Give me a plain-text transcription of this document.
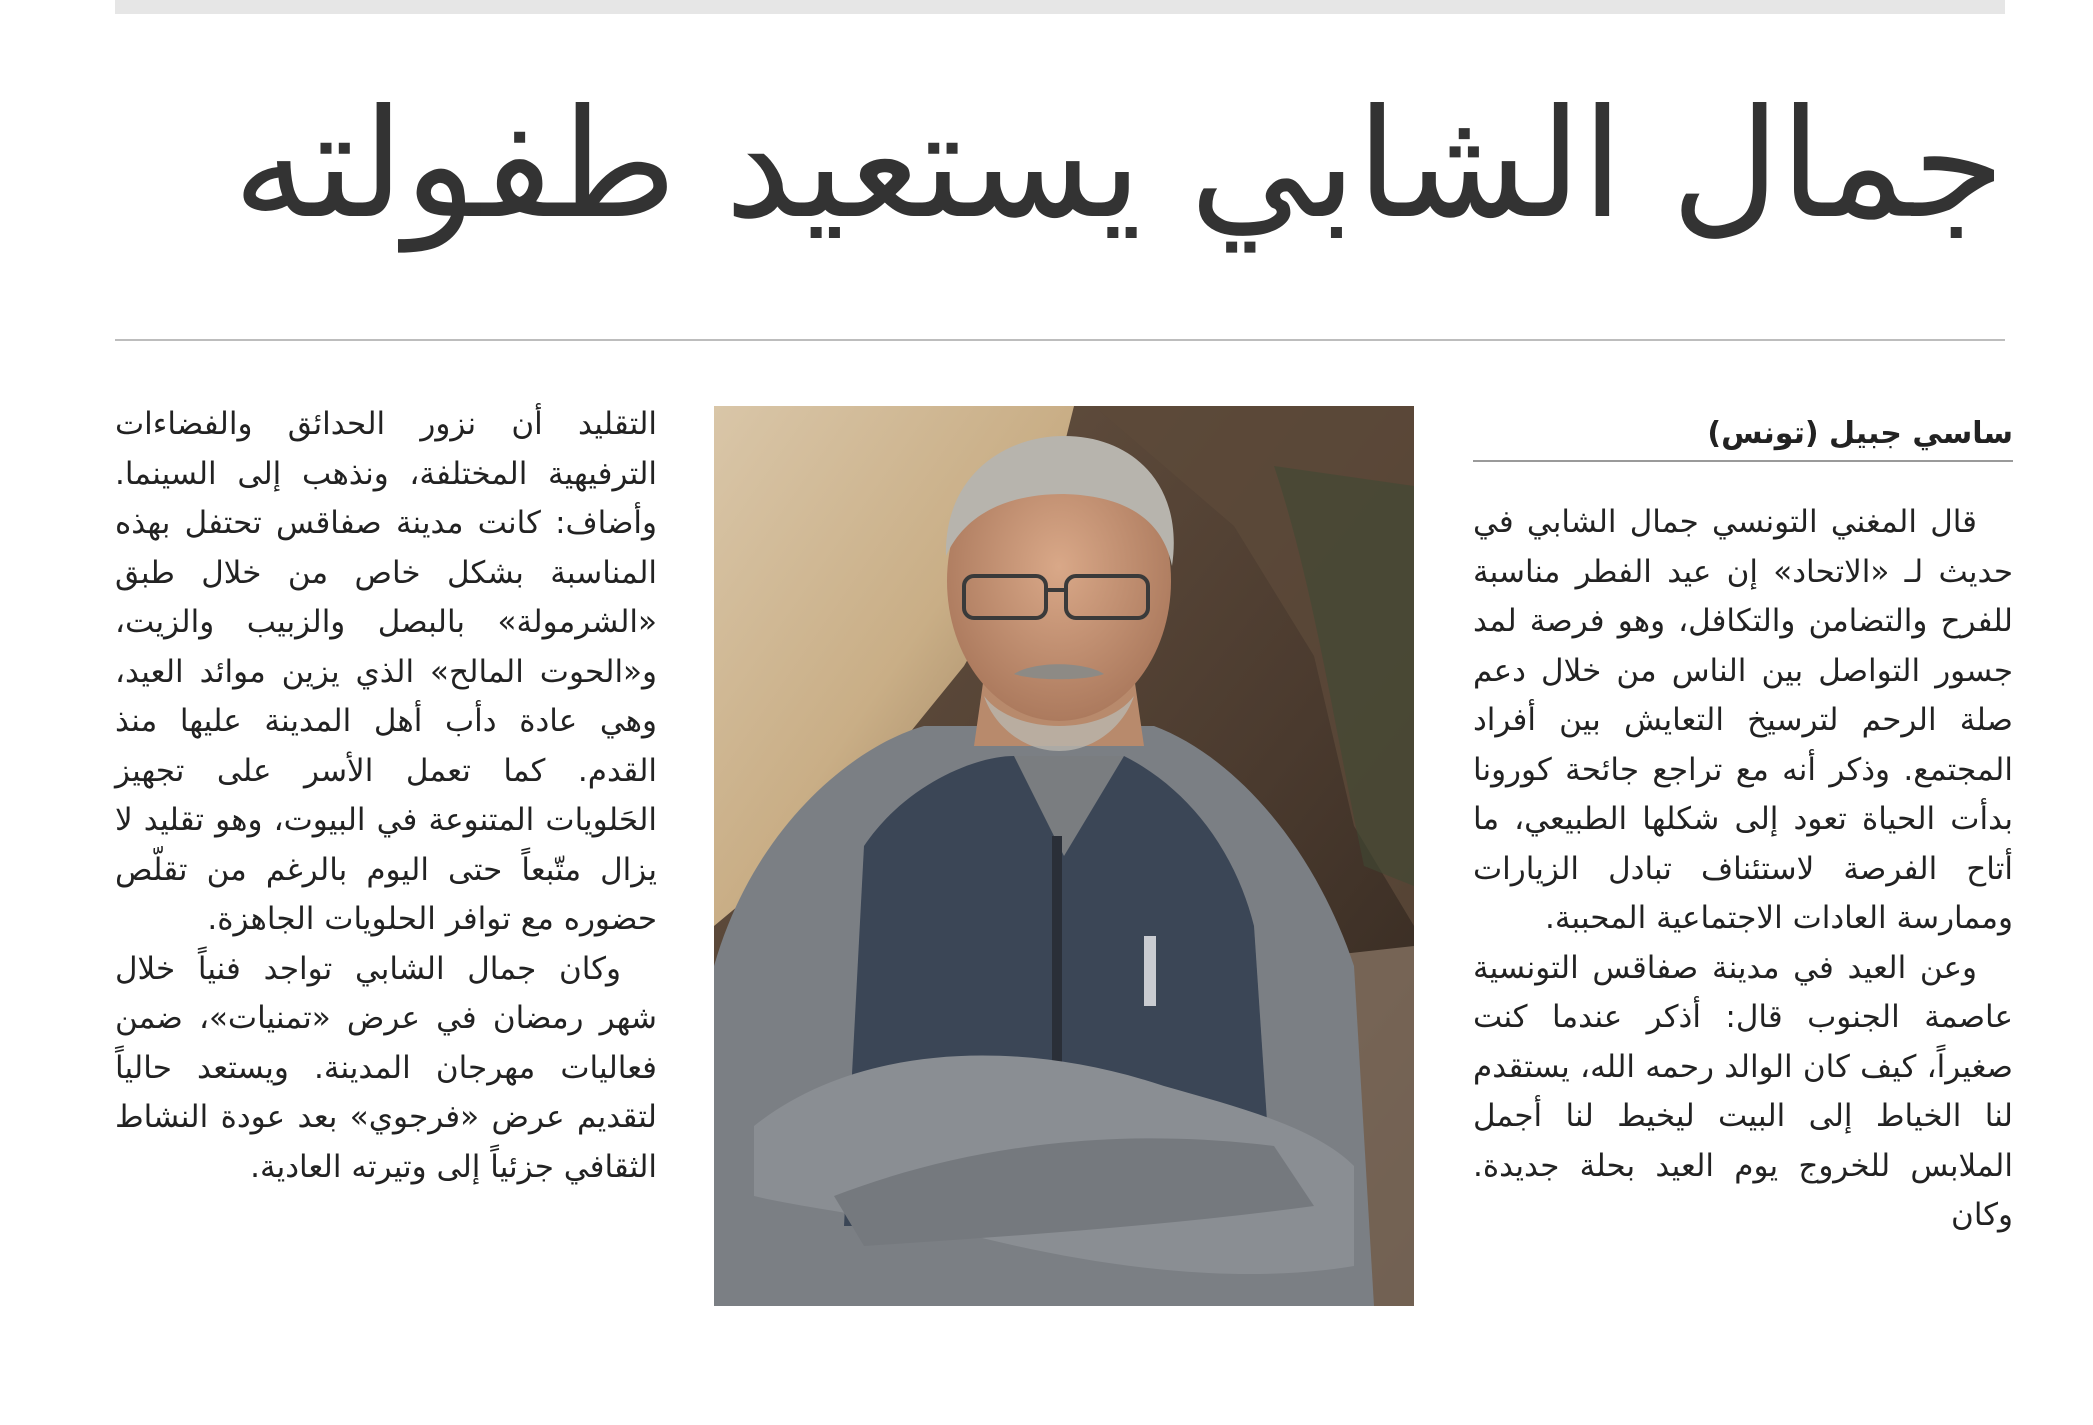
جمال الشابي يستعيد طفولته
ساسي جبيل (تونس)

قال المغني التونسي جمال الشابي في حديث لـ «الاتحاد» إن عيد الفطر مناسبة للفرح والتضامن والتكافل، وهو فرصة لمد جسور التواصل بين الناس من خلال دعم صلة الرحم لترسيخ التعايش بين أفراد المجتمع. وذكر أنه مع تراجع جائحة كورونا بدأت الحياة تعود إلى شكلها الطبيعي، ما أتاح الفرصة لاستئناف تبادل الزيارات وممارسة العادات الاجتماعية المحببة.

وعن العيد في مدينة صفاقس التونسية عاصمة الجنوب قال: أذكر عندما كنت صغيراً، كيف كان الوالد رحمه الله، يستقدم لنا الخياط إلى البيت ليخيط لنا أجمل الملابس للخروج يوم العيد بحلة جديدة. وكان

التقليد أن نزور الحدائق والفضاءات الترفيهية المختلفة، ونذهب إلى السينما. وأضاف: كانت مدينة صفاقس تحتفل بهذه المناسبة بشكل خاص من خلال طبق «الشرمولة» بالبصل والزبيب والزيت، و«الحوت المالح» الذي يزين موائد العيد، وهي عادة دأب أهل المدينة عليها منذ القدم. كما تعمل الأسر على تجهيز الحَلويات المتنوعة في البيوت، وهو تقليد لا يزال متّبعاً حتى اليوم بالرغم من تقلّص حضوره مع توافر الحلويات الجاهزة.

وكان جمال الشابي تواجد فنياً خلال شهر رمضان في عرض «تمنيات»، ضمن فعاليات مهرجان المدينة. ويستعد حالياً لتقديم عرض «فرجوي» بعد عودة النشاط الثقافي جزئياً إلى وتيرته العادية.
